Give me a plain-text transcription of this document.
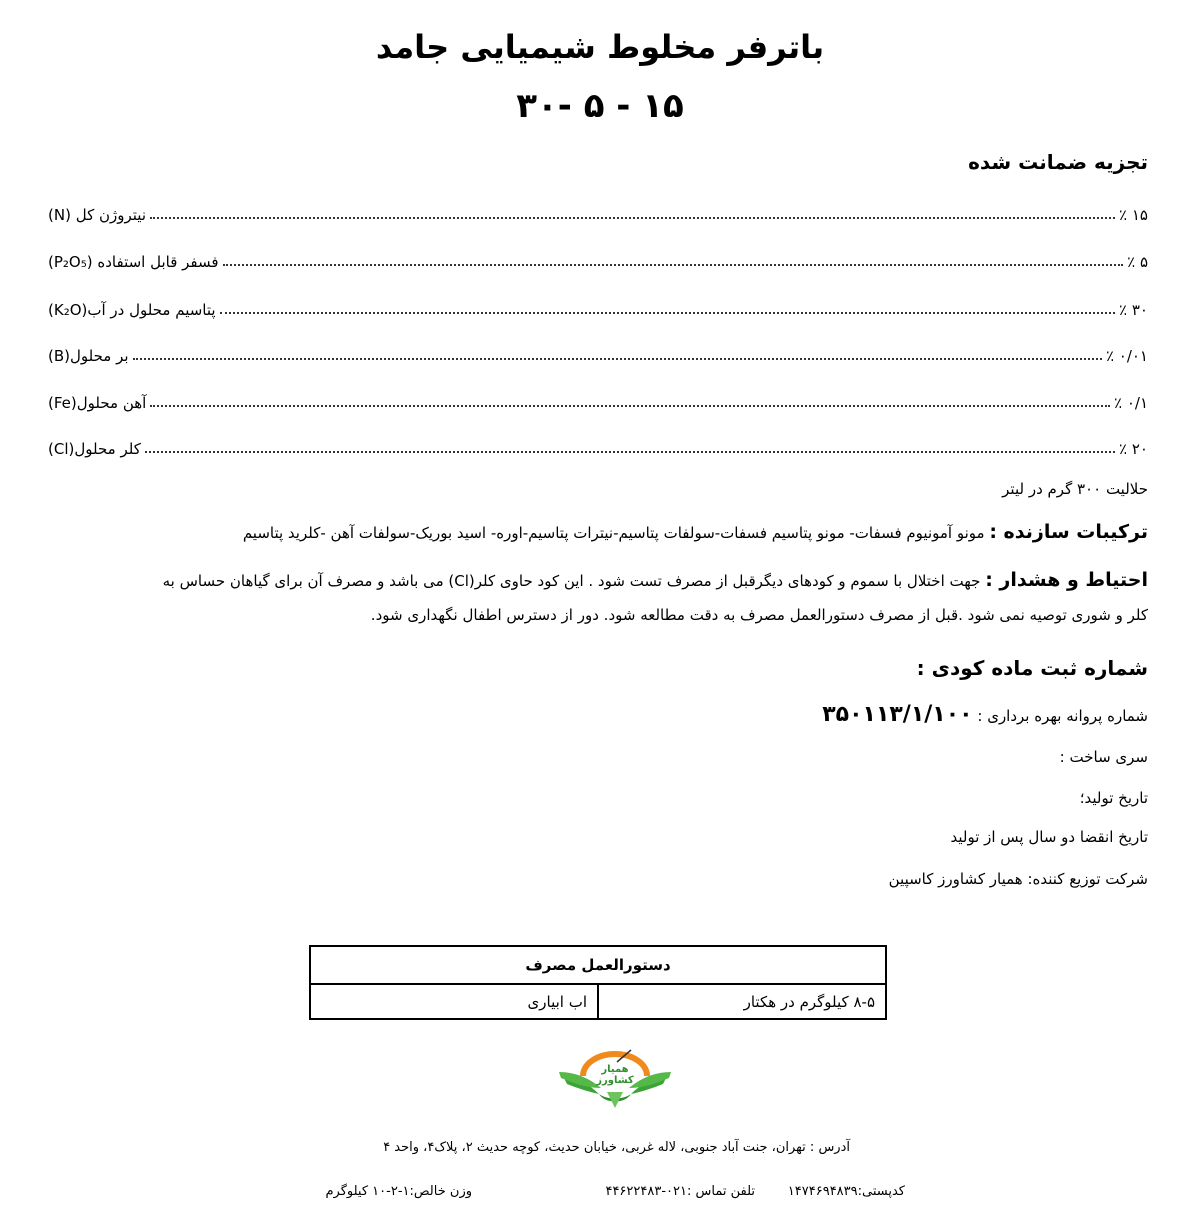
باترفر مخلوط شیمیایی جامد
۳۰- ۵ - ۱۵
تجزیه ضمانت شده
نیتروژن کل (N)	۱۵ ٪
فسفر قابل استفاده (P₂O₅)	۵ ٪
پتاسیم محلول در آب(K₂O)	۳۰ ٪
بر محلول(B)	۰/۰۱ ٪
آهن محلول(Fe)	۰/۱ ٪
کلر محلول(Cl)	۲۰ ٪
حلالیت ۳۰۰ گرم در لیتر
ترکیبات سازنده : مونو آمونیوم فسفات- مونو پتاسیم فسفات-سولفات پتاسیم-نیترات پتاسیم-اوره- اسید بوریک-سولفات آهن -کلرید پتاسیم
احتیاط و هشدار : جهت اختلال با سموم و کودهای دیگرقبل از مصرف تست شود . این کود حاوی کلر(Cl) می باشد و مصرف آن برای گیاهان حساس به
کلر و شوری توصیه نمی شود .قبل از مصرف دستورالعمل مصرف به دقت مطالعه شود. دور از دسترس اطفال نگهداری شود.
شماره ثبت ماده کودی :
شماره پروانه بهره برداری : ۳۵۰۱۱۳/۱/۱۰۰
سری ساخت :
تاریخ تولید؛
تاریخ انقضا دو سال پس از تولید
شرکت توزیع کننده: همیار کشاورز کاسپین
دستورالعمل مصرف
اب ابیاری	۸-۵ کیلوگرم در هکتار
همیار کشاورز
آدرس : تهران، جنت آباد جنوبی، لاله غربی، خیابان حدیث، کوچه حدیث ۲، پلاک۴، واحد ۴
کدپستی:۱۴۷۴۶۹۴۸۳۹
تلفن تماس :۰۲۱-۴۴۶۲۲۴۸۳
وزن خالص:۱-۲-۱۰ کیلوگرم
